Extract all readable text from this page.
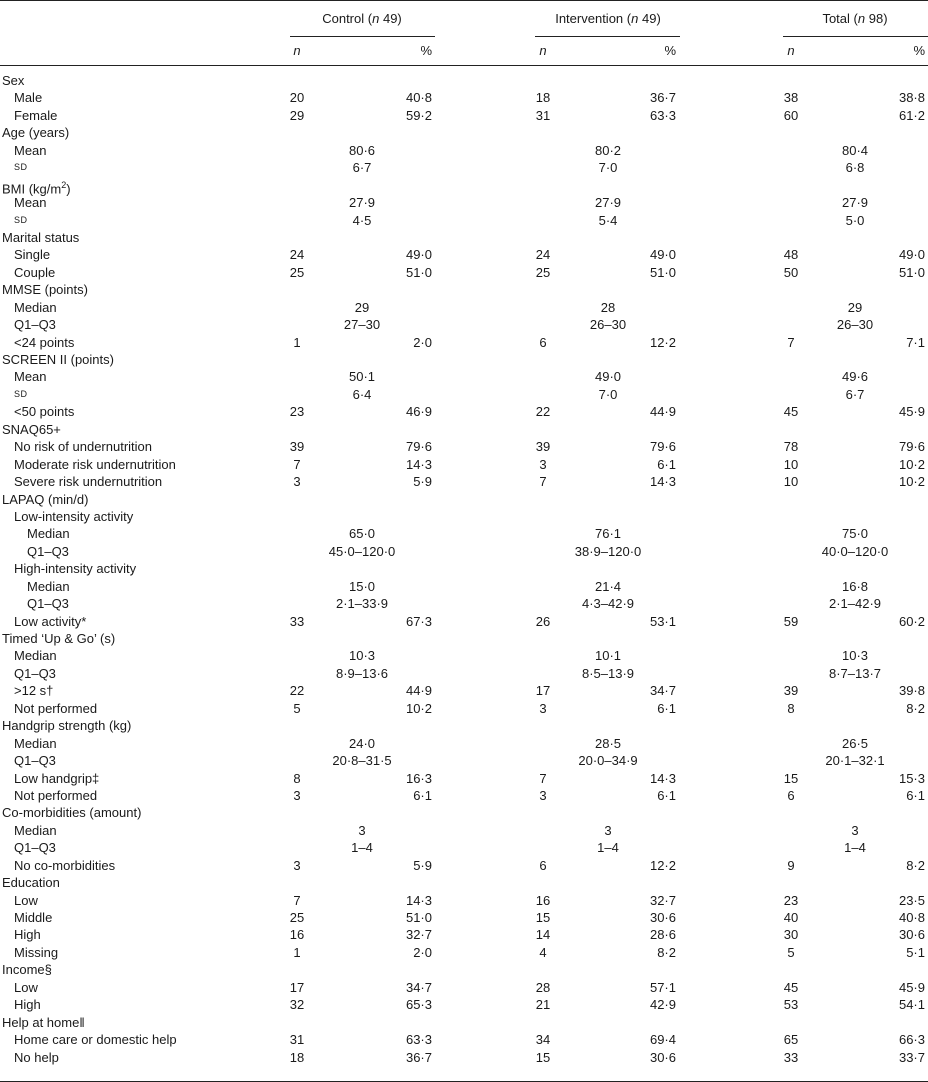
Control (n 49)	Intervention (n 49)	Total (n 98)
n	%	n	%	n	%
Sex
Male	20	40·8	18	36·7	38	38·8
Female	29	59·2	31	63·3	60	61·2
Age (years)
Mean	80·6	80·2	80·4
SD	6·7	7·0	6·8
BMI $(kg/m^2)$
Mean	27·9	27·9	27·9
SD	4·5	5·4	5·0
Marital status
Single	24	49·0	24	49·0	48	49·0
Couple	25	51·0	25	51·0	50	51·0
MMSE (points)
Median	29	28	29
Q1–Q3	27–30	26–30	26–30
<24 points	1	2·0	6	12·2	7	7·1
SCREEN II (points)
Mean	50·1	49·0	49·6
SD	6·4	7·0	6·7
<50 points	23	46·9	22	44·9	45	45·9
SNAQ65+
No risk of undernutrition	39	79·6	39	79·6	78	79·6
Moderate risk undernutrition	7	14·3	3	6·1	10	10·2
Severe risk undernutrition	3	5·9	7	14·3	10	10·2
LAPAQ (min/d)
Low-intensity activity
Median	65·0	76·1	75·0
Q1–Q3	45·0–120·0	38·9–120·0	40·0–120·0
High-intensity activity
Median	15·0	21·4	16·8
Q1–Q3	2·1–33·9	4·3–42·9	2·1–42·9
Low activity*	33	67·3	26	53·1	59	60·2
Timed ‘Up & Go’ (s)
Median	10·3	10·1	10·3
Q1–Q3	8·9–13·6	8·5–13·9	8·7–13·7
>12 s†	22	44·9	17	34·7	39	39·8
Not performed	5	10·2	3	6·1	8	8·2
Handgrip strength (kg)
Median	24·0	28·5	26·5
Q1–Q3	20·8–31·5	20·0–34·9	20·1–32·1
Low handgrip‡	8	16·3	7	14·3	15	15·3
Not performed	3	6·1	3	6·1	6	6·1
Co-morbidities (amount)
Median	3	3	3
Q1–Q3	1–4	1–4	1–4
No co-morbidities	3	5·9	6	12·2	9	8·2
Education
Low	7	14·3	16	32·7	23	23·5
Middle	25	51·0	15	30·6	40	40·8
High	16	32·7	14	28·6	30	30·6
Missing	1	2·0	4	8·2	5	5·1
Income§
Low	17	34·7	28	57·1	45	45·9
High	32	65·3	21	42·9	53	54·1
Help at home‖
Home care or domestic help	31	63·3	34	69·4	65	66·3
No help	18	36·7	15	30·6	33	33·7
